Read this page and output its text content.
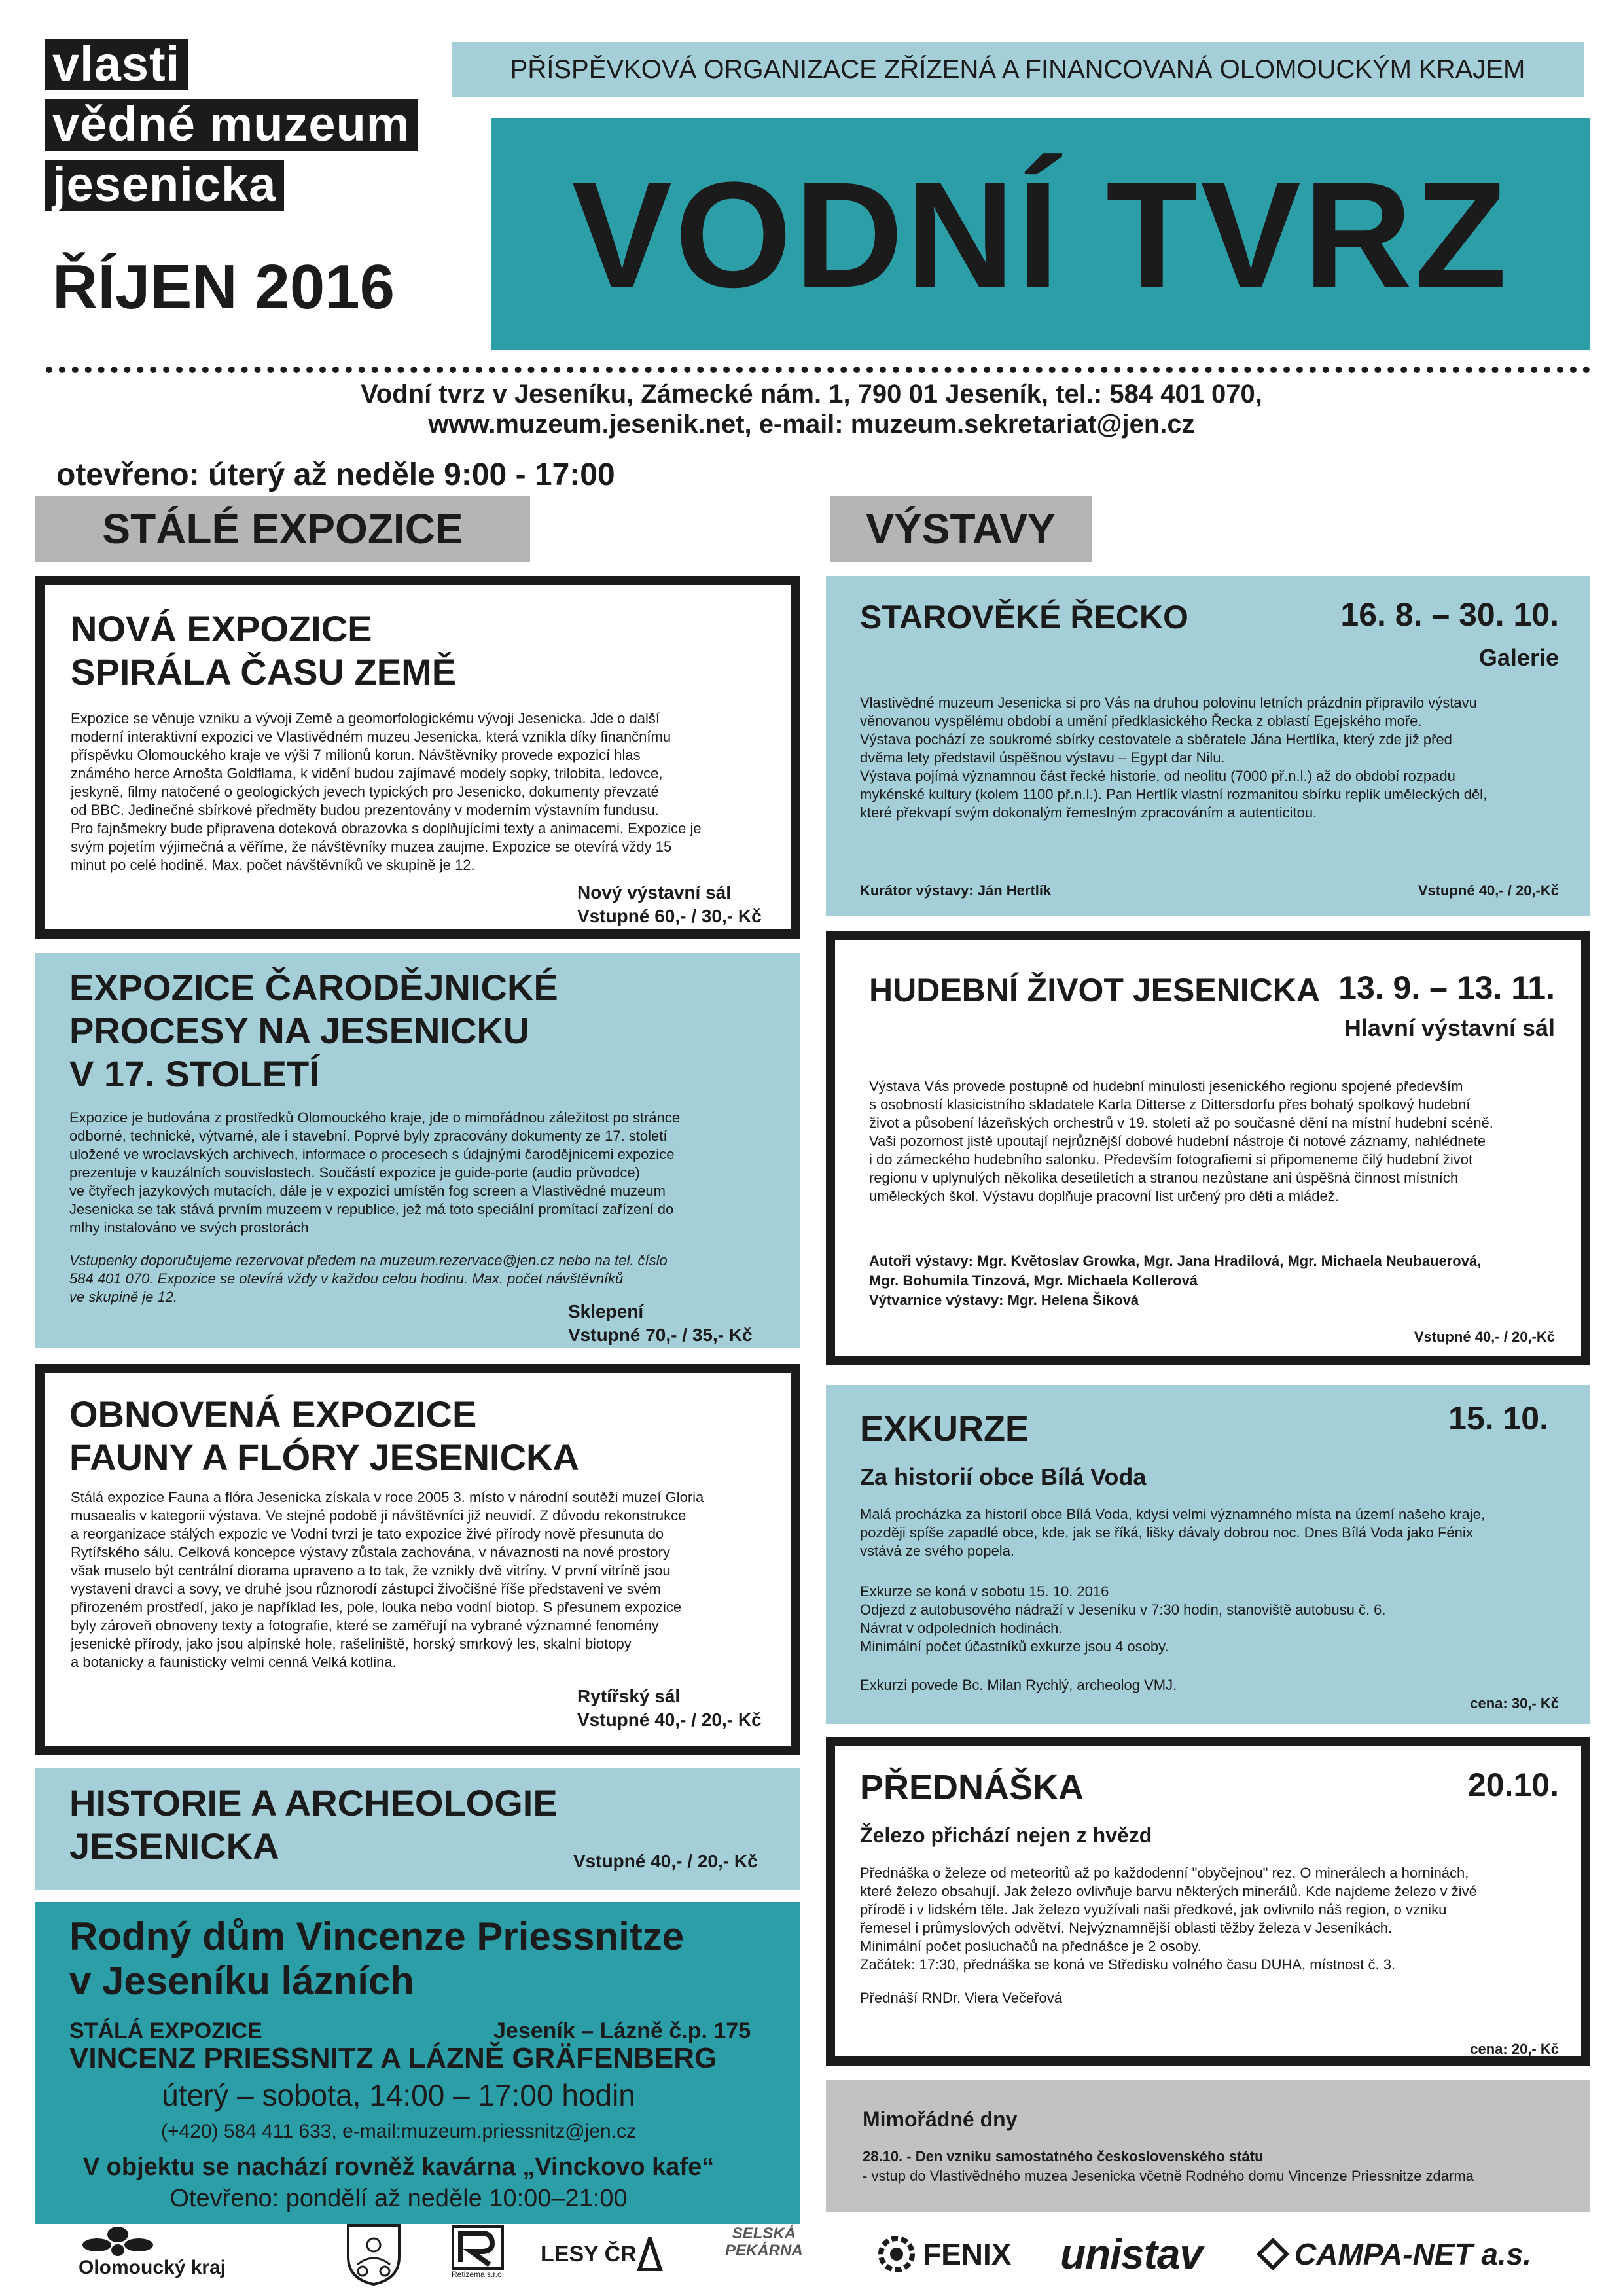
vlasti
vědné muzeum
jesenicka
PŘÍSPĚVKOVÁ ORGANIZACE ZŘÍZENÁ A FINANCOVANÁ OLOMOUCKÝM KRAJEM
VODNÍ TVRZ
ŘÍJEN 2016
Vodní tvrz v Jeseníku, Zámecké nám. 1, 790 01 Jeseník, tel.: 584 401 070,
www.muzeum.jesenik.net, e-mail: muzeum.sekretariat@jen.cz
otevřeno: úterý až neděle 9:00 - 17:00
STÁLÉ EXPOZICE	VÝSTAVY
NOVÁ EXPOZICE
SPIRÁLA ČASU ZEMĚ
Expozice se věnuje vzniku a vývoji Země a geomorfologickému vývoji Jesenicka. Jde o další
moderní interaktivní expozici ve Vlastivědném muzeu Jesenicka, která vznikla díky finančnímu
příspěvku Olomouckého kraje ve výši 7 milionů korun. Návštěvníky provede expozicí hlas
známého herce Arnošta Goldflama, k vidění budou zajímavé modely sopky, trilobita, ledovce,
jeskyně, filmy natočené o geologických jevech typických pro Jesenicko, dokumenty převzaté
od BBC. Jedinečné sbírkové předměty budou prezentovány v moderním výstavním fundusu.
Pro fajnšmekry bude připravena doteková obrazovka s doplňujícími texty a animacemi. Expozice je
svým pojetím výjimečná a věříme, že návštěvníky muzea zaujme. Expozice se otevírá vždy 15
minut po celé hodině. Max. počet návštěvníků ve skupině je 12.
Nový výstavní sál
Vstupné 60,- / 30,- Kč
EXPOZICE ČARODĚJNICKÉ
PROCESY NA JESENICKU
V 17. STOLETÍ
Expozice je budována z prostředků Olomouckého kraje, jde o mimořádnou záležitost po stránce
odborné, technické, výtvarné, ale i stavební. Poprvé byly zpracovány dokumenty ze 17. století
uložené ve wroclavských archivech, informace o procesech s údajnými čarodějnicemi expozice
prezentuje v kauzálních souvislostech. Součástí expozice je guide-porte (audio průvodce)
ve čtyřech jazykových mutacích, dále je v expozici umístěn fog screen a Vlastivědné muzeum
Jesenicka se tak stává prvním muzeem v republice, jež má toto speciální promítací zařízení do
mlhy instalováno ve svých prostorách
Vstupenky doporučujeme rezervovat předem na muzeum.rezervace@jen.cz nebo na tel. číslo
584 401 070. Expozice se otevírá vždy v každou celou hodinu. Max. počet návštěvníků
ve skupině je 12.
Sklepení
Vstupné 70,- / 35,- Kč
OBNOVENÁ EXPOZICE
FAUNY A FLÓRY JESENICKA
Stálá expozice Fauna a flóra Jesenicka získala v roce 2005 3. místo v národní soutěži muzeí Gloria
musaealis v kategorii výstava. Ve stejné podobě ji návštěvníci již neuvidí. Z důvodu rekonstrukce
a reorganizace stálých expozic ve Vodní tvrzi je tato expozice živé přírody nově přesunuta do
Rytířského sálu. Celková koncepce výstavy zůstala zachována, v návaznosti na nové prostory
však muselo být centrální diorama upraveno a to tak, že vznikly dvě vitríny. V první vitríně jsou
vystaveni dravci a sovy, ve druhé jsou různorodí zástupci živočišné říše představeni ve svém
přirozeném prostředí, jako je například les, pole, louka nebo vodní biotop. S přesunem expozice
byly zároveň obnoveny texty a fotografie, které se zaměřují na vybrané významné fenomény
jesenické přírody, jako jsou alpínské hole, rašeliniště, horský smrkový les, skalní biotopy
a botanicky a faunisticky velmi cenná Velká kotlina.
Rytířský sál
Vstupné 40,- / 20,- Kč
HISTORIE A ARCHEOLOGIE
JESENICKA	Vstupné 40,- / 20,- Kč
Rodný dům Vincenze Priessnitze
v Jeseníku lázních
STÁLÁ EXPOZICE	Jeseník – Lázně č.p. 175
VINCENZ PRIESSNITZ A LÁZNĚ GRÄFENBERG
úterý – sobota, 14:00 – 17:00 hodin
(+420) 584 411 633, e-mail:muzeum.priessnitz@jen.cz
V objektu se nachází rovněž kavárna „Vinckovo kafe“
Otevřeno: pondělí až neděle 10:00–21:00
STAROVĚKÉ ŘECKO	16. 8. – 30. 10.
Galerie
Vlastivědné muzeum Jesenicka si pro Vás na druhou polovinu letních prázdnin připravilo výstavu
věnovanou vyspělému období a umění předklasického Řecka z oblastí Egejského moře.
Výstava pochází ze soukromé sbírky cestovatele a sběratele Jána Hertlíka, který zde již před
dvěma lety představil úspěšnou výstavu – Egypt dar Nilu.
Výstava pojímá významnou část řecké historie, od neolitu (7000 př.n.l.) až do období rozpadu
mykénské kultury (kolem 1100 př.n.l.). Pan Hertlík vlastní rozmanitou sbírku replik uměleckých děl,
které překvapí svým dokonalým řemeslným zpracováním a autenticitou.
Kurátor výstavy: Ján Hertlík	Vstupné 40,- / 20,-Kč
HUDEBNÍ ŽIVOT JESENICKA 13. 9. – 13. 11.
Hlavní výstavní sál
Výstava Vás provede postupně od hudební minulosti jesenického regionu spojené především
s osobností klasicistního skladatele Karla Dittersе z Dittersdorfu přes bohatý spolkový hudební
život a působení lázeňských orchestrů v 19. století až po současné dění na místní hudební scéně.
Vaši pozornost jistě upoutají nejrůznější dobové hudební nástroje či notové záznamy, nahlédnete
i do zámeckého hudebního salonku. Především fotografiemi si připomeneme čilý hudební život
regionu v uplynulých několika desetiletích a stranou nezůstane ani úspěšná činnost místních
uměleckých škol. Výstavu doplňuje pracovní list určený pro děti a mládež.
Autoři výstavy: Mgr. Květoslav Growka, Mgr. Jana Hradilová, Mgr. Michaela Neubauerová,
Mgr. Bohumila Tinzová, Mgr. Michaela Kollerová
Výtvarnice výstavy: Mgr. Helena Šiková
Vstupné 40,- / 20,-Kč
EXKURZE	15. 10.
Za historií obce Bílá Voda
Malá procházka za historií obce Bílá Voda, kdysi velmi významného místa na území našeho kraje,
později spíše zapadlé obce, kde, jak se říká, lišky dávaly dobrou noc. Dnes Bílá Voda jako Fénix
vstává ze svého popela.
Exkurze se koná v sobotu 15. 10. 2016
Odjezd z autobusového nádraží v Jeseníku v 7:30 hodin, stanoviště autobusu č. 6.
Návrat v odpoledních hodinách.
Minimální počet účastníků exkurze jsou 4 osoby.
Exkurzi povede Bc. Milan Rychlý, archeolog VMJ.
cena: 30,- Kč
PŘEDNÁŠKA	20.10.
Železo přichází nejen z hvězd
Přednáška o železe od meteoritů až po každodenní "obyčejnou" rez. O minerálech a horninách,
které železo obsahují. Jak železo ovlivňuje barvu některých minerálů. Kde najdeme železo v živé
přírodě i v lidském těle. Jak železo využívali naši předkové, jak ovlivnilo náš region, o vzniku
řemesel i průmyslových odvětví. Nejvýznamnější oblasti těžby železa v Jeseníkách.
Minimální počet posluchačů na přednášce je 2 osoby.
Začátek: 17:30, přednáška se koná ve Středisku volného času DUHA, místnost č. 3.
Přednáší RNDr. Viera Večeřová
cena: 20,- Kč
Mimořádné dny
28.10. - Den vzniku samostatného československého státu
- vstup do Vlastivědného muzea Jesenicka včetně Rodného domu Vincenze Priessnitze zdarma
Olomoucký kraj	Retizema s.r.o.
LESY ČR
SELSKÁ
PEKÁRNA	FENIX unistav	CAMPA-NET a.s.
